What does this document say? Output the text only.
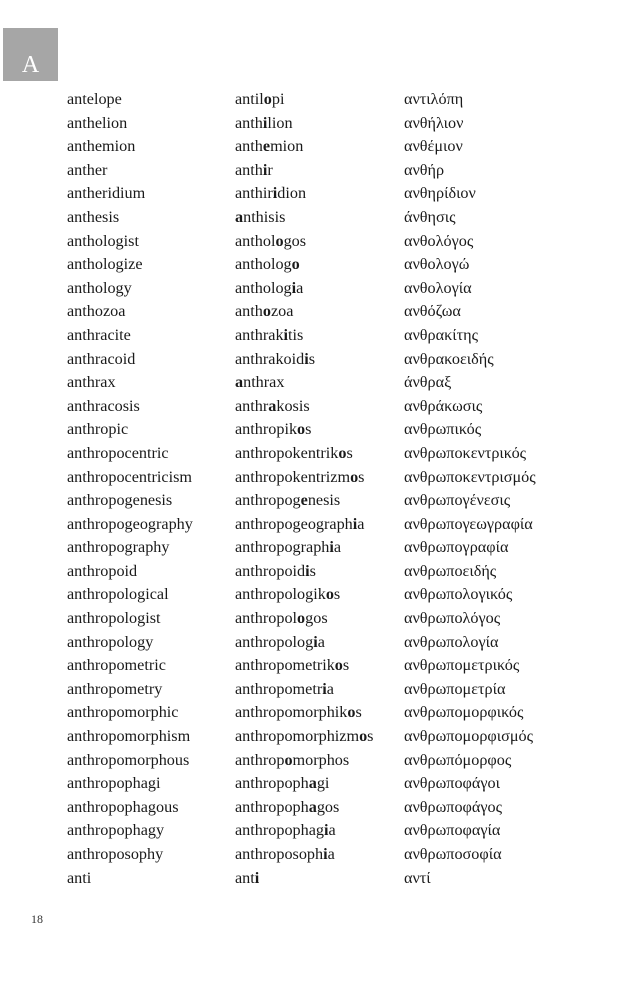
A
antelope	antilopi	αντιλόπη
anthelion	anthilion	ανθήλιον
anthemion	anthemion	ανθέμιον
anther	anthir	ανθήρ
antheridium	anthiridion	ανθηρίδιον
anthesis	anthisis	άνθησις
anthologist	anthologos	ανθολόγος
anthologize	anthologo	ανθολογώ
anthology	anthologia	ανθολογία
anthozoa	anthozoa	ανθόζωα
anthracite	anthrakitis	ανθρακίτης
anthracoid	anthrakoidis	ανθρακοειδής
anthrax	anthrax	άνθραξ
anthracosis	anthrakosis	ανθράκωσις
anthropic	anthropikos	ανθρωπικός
anthropocentric	anthropokentrikos	ανθρωποκεντρικός
anthropocentricism	anthropokentrizmos	ανθρωποκεντρισμός
anthropogenesis	anthropogenesis	ανθρωπογένεσις
anthropogeography	anthropogeographia	ανθρωπογεωγραφία
anthropography	anthropographia	ανθρωπογραφία
anthropoid	anthropoidis	ανθρωποειδής
anthropological	anthropologikos	ανθρωπολογικός
anthropologist	anthropologos	ανθρωπολόγος
anthropology	anthropologia	ανθρωπολογία
anthropometric	anthropometrikos	ανθρωπομετρικός
anthropometry	anthropometria	ανθρωπομετρία
anthropomorphic	anthropomorphikos	ανθρωπομορφικός
anthropomorphism	anthropomorphizmos	ανθρωπομορφισμός
anthropomorphous	anthropomorphos	ανθρωπόμορφος
anthropophagi	anthropophagi	ανθρωποφάγοι
anthropophagous	anthropophagos	ανθρωποφάγος
anthropophagy	anthropophagia	ανθρωποφαγία
anthroposophy	anthroposophia	ανθρωποσοφία
anti	anti	αντί
18
